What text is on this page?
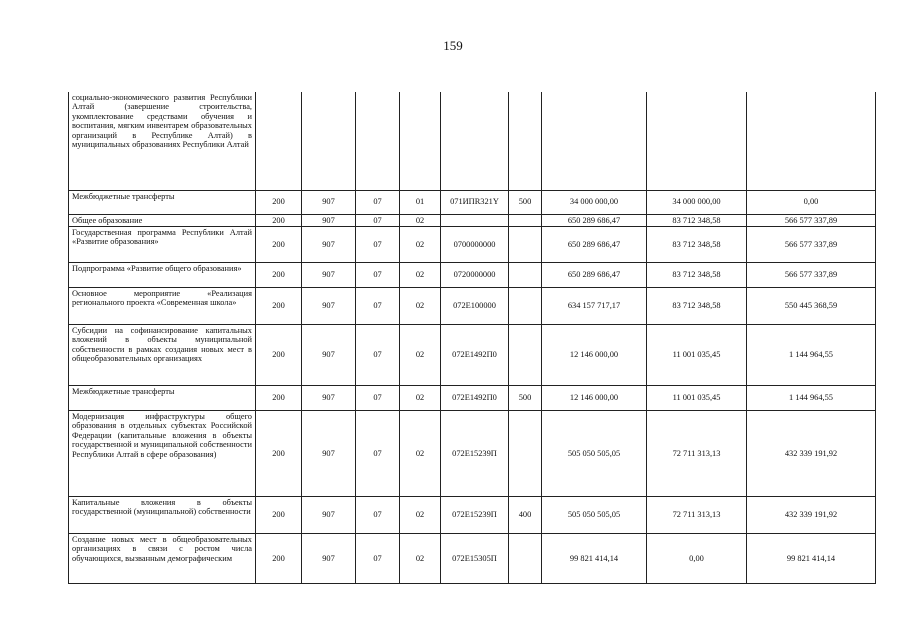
159
социально-экономического развития Республики Алтай (завершение строительства, укомплектование средствами обучения и воспитания, мягким инвентарем образовательных организаций в Республике Алтай) в муниципальных образованиях Республики Алтай									
Межбюджетные трансферты	200	907	07	01	071ИПR321Y	500	34 000 000,00	34 000 000,00	0,00
Общее образование	200	907	07	02			650 289 686,47	83 712 348,58	566 577 337,89
Государственная программа Республики Алтай «Развитие образования»	200	907	07	02	0700000000		650 289 686,47	83 712 348,58	566 577 337,89
Подпрограмма «Развитие общего образования»	200	907	07	02	0720000000		650 289 686,47	83 712 348,58	566 577 337,89
Основное мероприятие «Реализация регионального проекта «Современная школа»	200	907	07	02	072Е100000		634 157 717,17	83 712 348,58	550 445 368,59
Субсидии на софинансирование капитальных вложений в объекты муниципальной собственности в рамках создания новых мест в общеобразовательных организациях	200	907	07	02	072Е1492П0		12 146 000,00	11 001 035,45	1 144 964,55
Межбюджетные трансферты	200	907	07	02	072Е1492П0	500	12 146 000,00	11 001 035,45	1 144 964,55
Модернизация инфраструктуры общего образования в отдельных субъектах Российской Федерации (капитальные вложения в объекты государственной и муниципальной собственности Республики Алтай в сфере образования)	200	907	07	02	072Е15239П		505 050 505,05	72 711 313,13	432 339 191,92
Капитальные вложения в объекты государственной (муниципальной) собственности	200	907	07	02	072Е15239П	400	505 050 505,05	72 711 313,13	432 339 191,92
Создание новых мест в общеобразовательных организациях в связи с ростом числа обучающихся, вызванным демографическим	200	907	07	02	072Е15305П		99 821 414,14	0,00	99 821 414,14
